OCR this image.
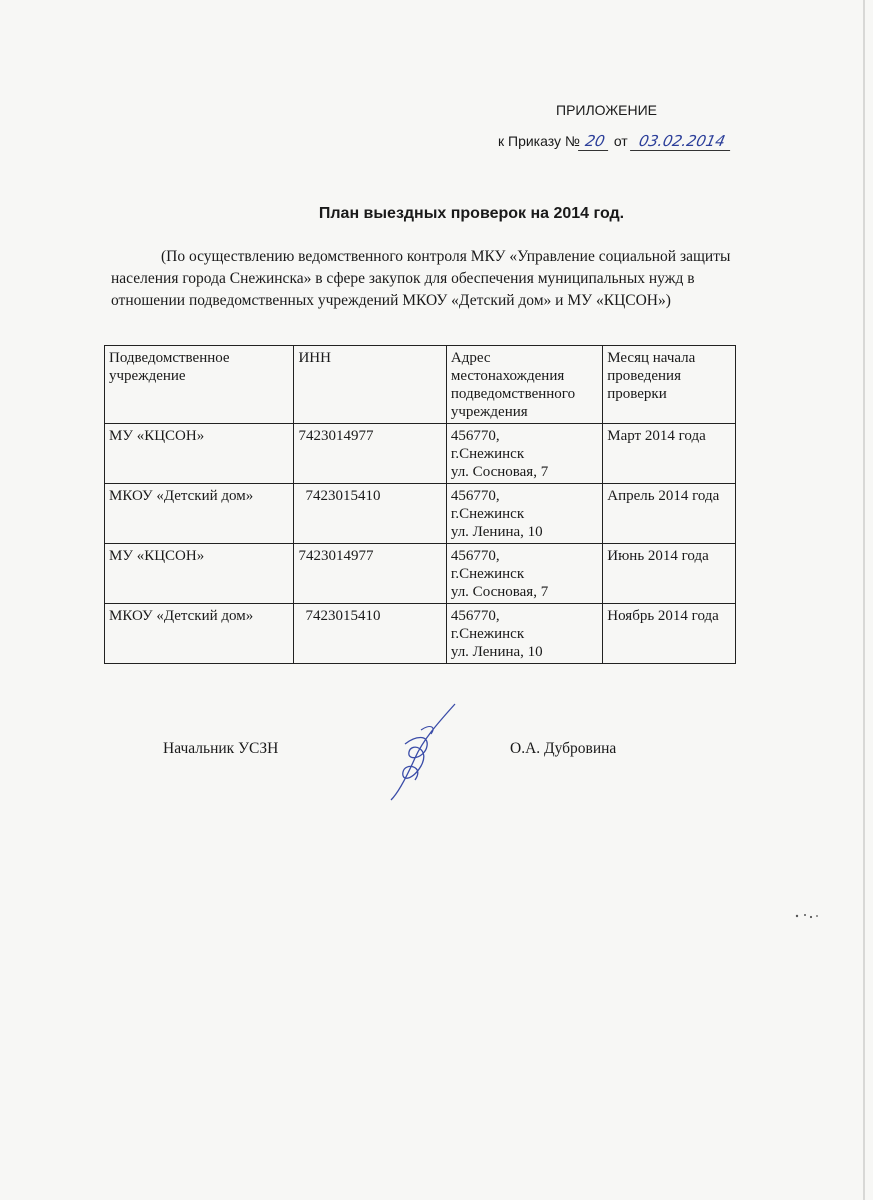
ПРИЛОЖЕНИЕ
к Приказу № 20 от 03.02.2014
План выездных проверок на 2014 год.
(По осуществлению ведомственного контроля МКУ «Управление социальной защиты населения города Снежинска» в сфере закупок для обеспечения муниципальных нужд в отношении подведомственных учреждений МКОУ «Детский дом» и МУ «КЦСОН»)
Подведомственное учреждение	ИНН	Адрес местонахождения подведомственного учреждения	Месяц начала проведения проверки
МУ «КЦСОН»	7423014977	456770,
г.Снежинск
ул. Сосновая, 7	Март 2014 года
МКОУ «Детский дом»	7423015410	456770,
г.Снежинск
ул. Ленина, 10	Апрель 2014 года
МУ «КЦСОН»	7423014977	456770,
г.Снежинск
ул. Сосновая, 7	Июнь 2014 года
МКОУ «Детский дом»	7423015410	456770,
г.Снежинск
ул. Ленина, 10	Ноябрь 2014 года
Начальник УСЗН	О.А. Дубровина
